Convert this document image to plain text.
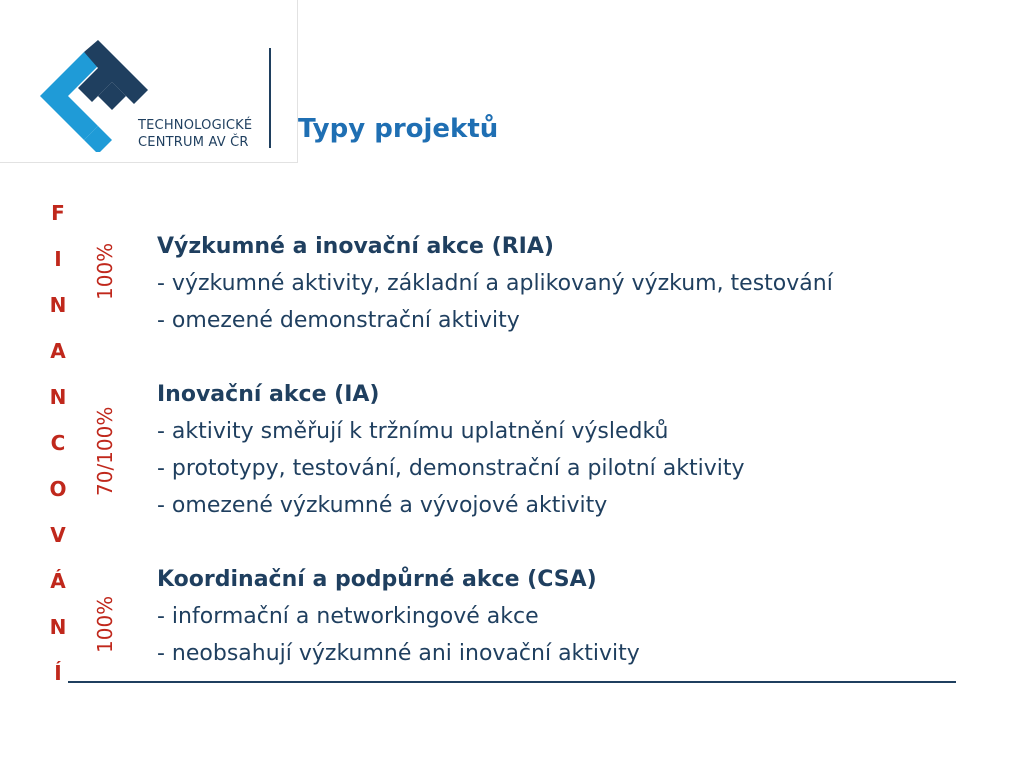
TECHNOLOGICKÉ
CENTRUM AV ČR Typy projektů
F
I
N
A
N
C
O
V
Á
N
Í
100%
70/100%
100%
Výzkumné a inovační akce (RIA)
- výzkumné aktivity, základní a aplikovaný výzkum, testování
- omezené demonstrační aktivity
Inovační akce (IA)
- aktivity směřují k tržnímu uplatnění výsledků
- prototypy, testování, demonstrační a pilotní aktivity
- omezené výzkumné a vývojové aktivity
Koordinační a podpůrné akce (CSA)
- informační a networkingové akce
- neobsahují výzkumné ani inovační aktivity
